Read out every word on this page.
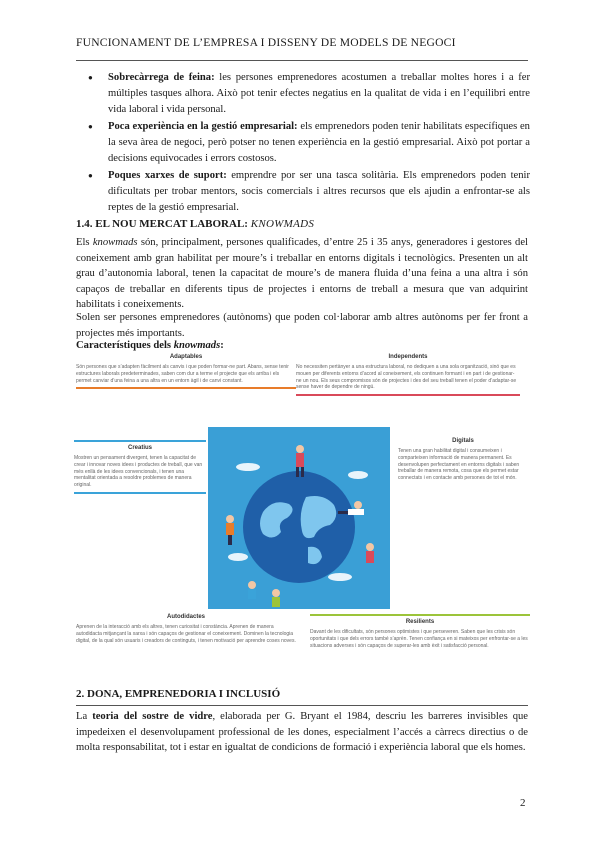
FUNCIONAMENT DE L’EMPRESA I DISSENY DE MODELS DE NEGOCI
● Sobrecàrrega de feina: les persones emprenedores acostumen a treballar moltes hores i a fer múltiples tasques alhora. Això pot tenir efectes negatius en la qualitat de vida i en l’equilibri entre vida laboral i vida personal.
● Poca experiència en la gestió empresarial: els emprenedors poden tenir habilitats específiques en la seva àrea de negoci, però potser no tenen experiència en la gestió empresarial. Això pot portar a decisions equivocades i errors costosos.
● Poques xarxes de suport: emprendre por ser una tasca solitària. Els emprenedors poden tenir dificultats per trobar mentors, socis comercials i altres recursos que els ajudin a enfrontar-se als reptes de la gestió empresarial.
1.4. EL NOU MERCAT LABORAL: KNOWMADS

Els knowmads són, principalment, persones qualificades, d’entre 25 i 35 anys, generadores i gestores del coneixement amb gran habilitat per moure’s i treballar en entorns digitals i tecnològics. Presenten un alt grau d’autonomia laboral, tenen la capacitat de moure’s de manera fluida d’una feina a una altra i són capaços de treballar en diferents tipus de projectes i entorns de treball a mesura que van adquirint habilitats i coneixements.

Solen ser persones emprenedores (autònoms) que poden col·laborar amb altres autònoms per fer front a projectes més importants.

Característiques dels knowmads:
Adaptables
Són persones que s’adapten fàcilment als canvis i que poden formar-ne part. Abans, sense tenir estructures laborals predeterminades, saben com dur a terme el projecte que els arriba i els permet canviar d’una feina a una altra en un entorn àgil i de canvi constant.
Independents
No necessiten pertànyer a una estructura laboral, no dediquen a una sola organització, sinó que es mouen per diferents entorns d’acord al coneixement, els continuen formant i en part i de gestionar-ne un nou. Els seus compromisos són de projectes i des del seu treball tenen el poder d’adaptar-se sense haver de dependre de ningú.
Creatius
Mostren un pensament divergent, tenen la capacitat de crear i innovar noves idees i productes de treball, que van més enllà de les idees convencionals, i tenen una mentalitat orientada a resoldre problemes de manera original.
Digitals
Tenen una gran habilitat digital i consumeixen i comparteixen informació de manera permanent. Es desenvolupen perfectament en entorns digitals i saben treballar de manera remota, cosa que els permet estar connectats i en contacte amb persones de tot el món.
Autodidactes
Aprenen de la interacció amb els altres, tenen curiositat i constància. Aprenen de manera autodidacta mitjançant la xarxa i són capaços de gestionar el coneixement. Dominen la tecnologia digital, de la qual són usuaris i creadors de continguts, i tenen motivació per aprendre coses noves.
Resilients
Davant de les dificultats, són persones optimistes i que perseveren. Saben que les crisis són oportunitats i que dels errors també s’aprèn. Tenen confiança en si mateixos per enfrontar-se a les situacions adverses i són capaços de superar-les amb èxit i satisfacció personal.
2. DONA, EMPRENEDORIA I INCLUSIÓ

La teoria del sostre de vidre, elaborada per G. Bryant el 1984, descriu les barreres invisibles que impedeixen el desenvolupament professional de les dones, especialment l’accés a càrrecs directius o de molta responsabilitat, tot i estar en igualtat de condicions de formació i experiència laboral que els homes.

2
